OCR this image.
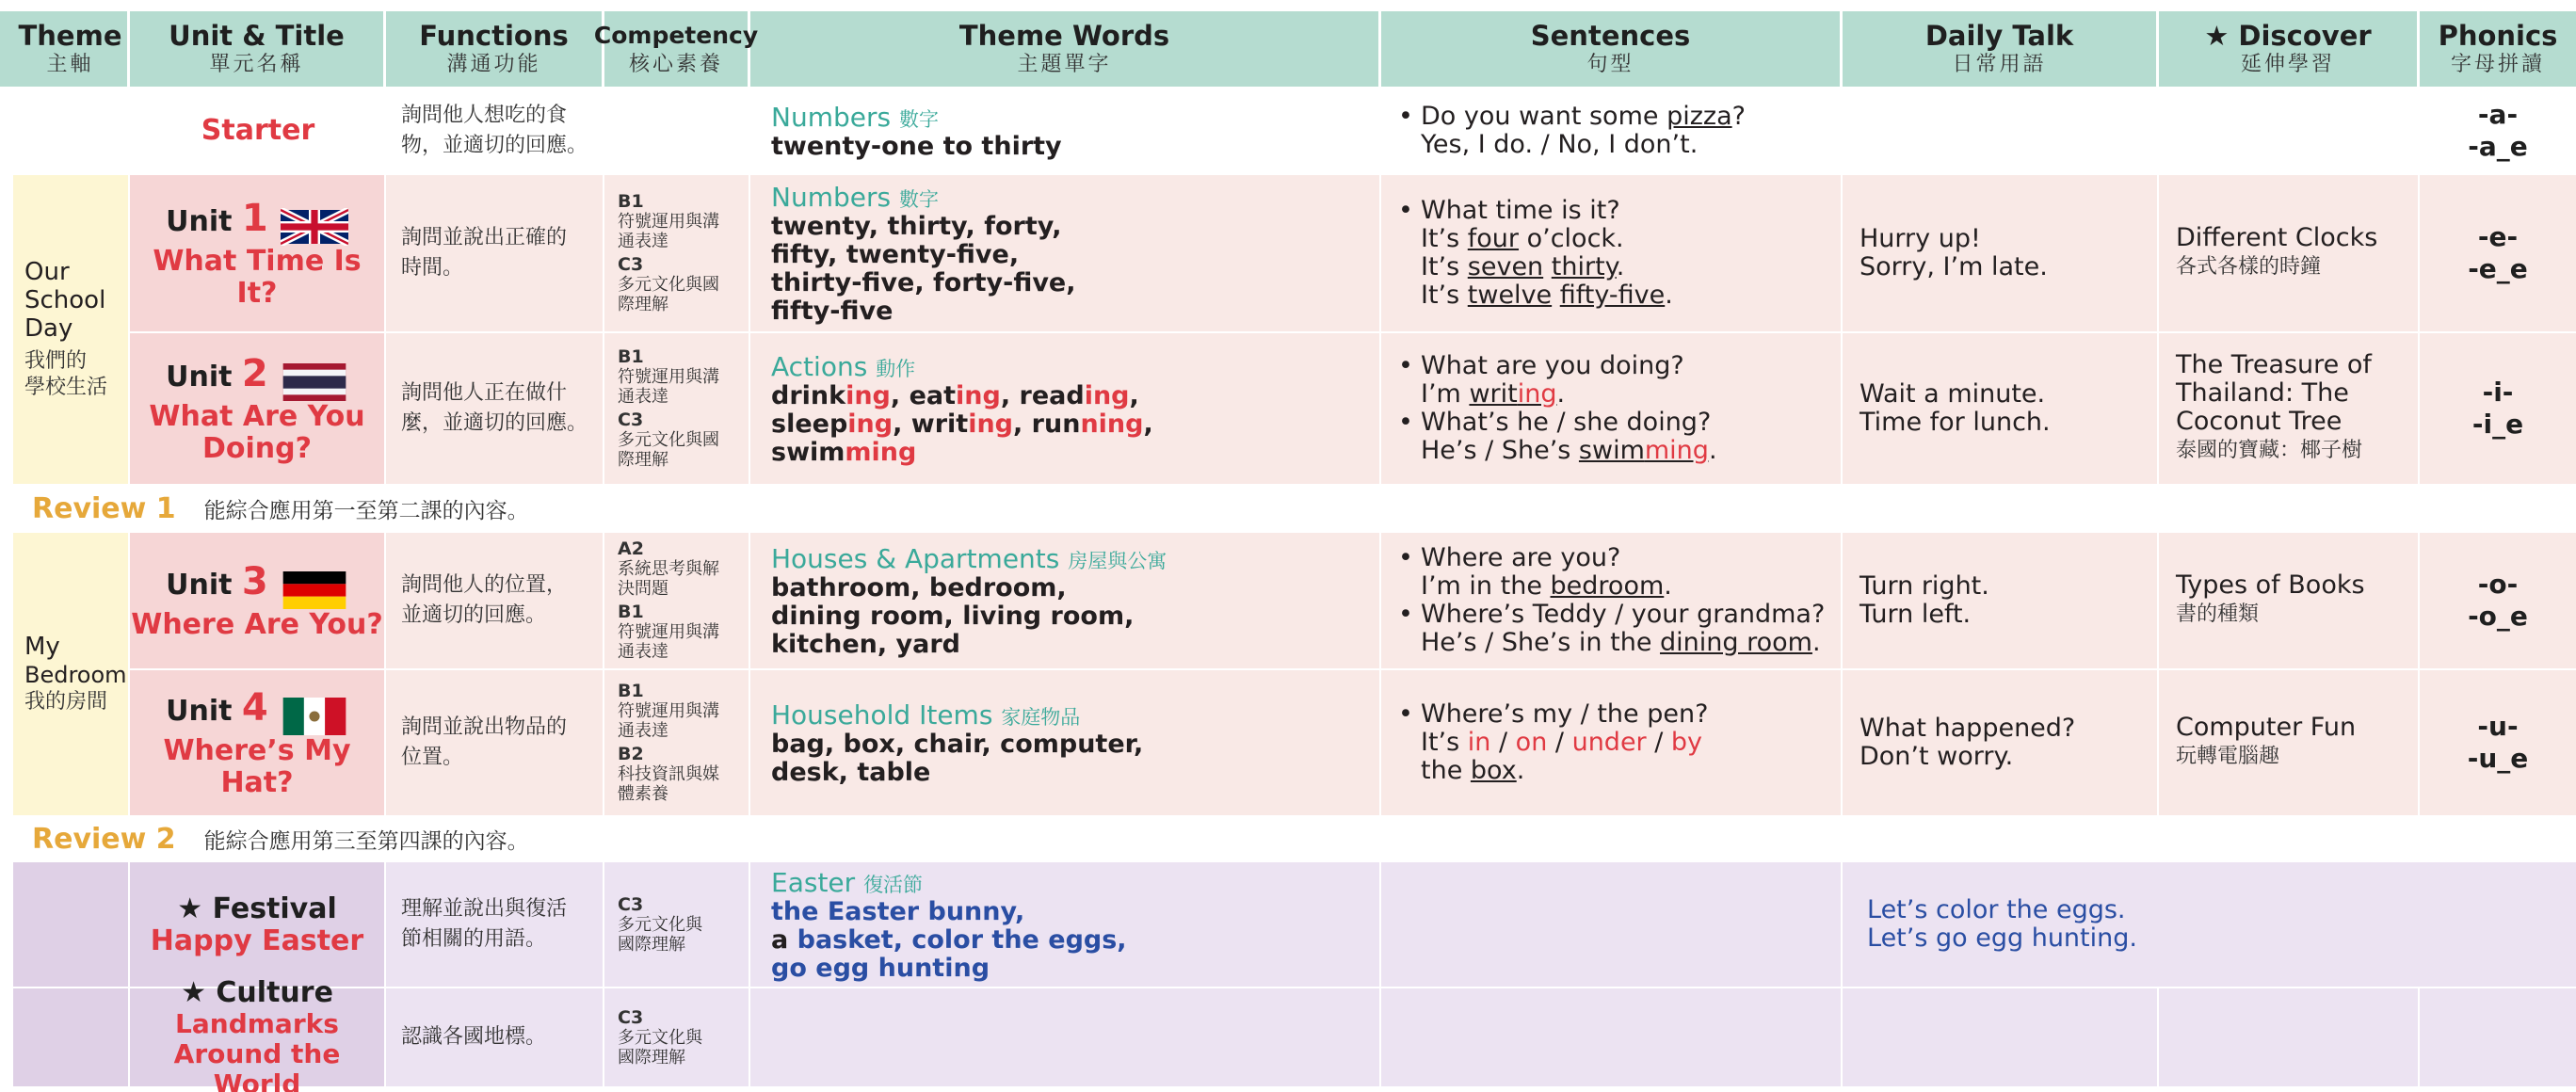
Theme
主軸
Unit & Title
單元名稱
Functions
溝通功能
Competency
核心素養
Theme Words
主題單字
Sentences
句型
Daily Talk
日常用語
★ Discover
延伸學習
Phonics
字母拼讀
Starter	詢問他人想吃的食
物，並適切的回應。
Numbers 數字
twenty-one to thirty
• Do you want some pizza?
Yes, I do. / No, I don’t.
-a-
-a_e
Our
School
Day
我們的
學校生活
Unit 1
What Time Is It?
詢問並說出正確的
時間。
B1
符號運用與溝
通表達
C3
多元文化與國
際理解
Numbers 數字
twenty, thirty, forty,
fifty, twenty-five,
thirty-five, forty-five,
fifty-five
• What time is it?
It’s four o’clock.
It’s seven thirty.
It’s twelve fifty-five.
Hurry up!
Sorry, I’m late.
Different Clocks
各式各樣的時鐘
-e-
-e_e
Unit 2
What Are You
Doing?
詢問他人正在做什
麼，並適切的回應。
B1
符號運用與溝
通表達
C3
多元文化與國
際理解
Actions 動作
drinking, eating, reading,
sleeping, writing, running,
swimming
• What are you doing?
I’m writing.
• What’s he / she doing?
He’s / She’s swimming.
Wait a minute.
Time for lunch.
The Treasure of
Thailand: The
Coconut Tree
泰國的寶藏：椰子樹
-i-
-i_e
Review 1 能綜合應用第一至第二課的內容。
My
Bedroom
我的房間
Unit 3
Where Are You?
詢問他人的位置，
並適切的回應。
A2
系統思考與解
決問題
B1
符號運用與溝
通表達
Houses & Apartments 房屋與公寓
bathroom, bedroom,
dining room, living room,
kitchen, yard
• Where are you?
I’m in the bedroom.
• Where’s Teddy / your grandma?
He’s / She’s in the dining room.
Turn right.
Turn left.
Types of Books
書的種類
-o-
-o_e
Unit 4
Where’s My
Hat?
詢問並說出物品的
位置。
B1
符號運用與溝
通表達
B2
科技資訊與媒
體素養
Household Items 家庭物品
bag, box, chair, computer,
desk, table
• Where’s my / the pen?
It’s in / on / under / by
the box.
What happened?
Don’t worry.
Computer Fun
玩轉電腦趣
-u-
-u_e
Review 2 能綜合應用第三至第四課的內容。
★ Festival
Happy Easter
理解並說出與復活
節相關的用語。
C3
多元文化與
國際理解
Easter 復活節
the Easter bunny,
a basket, color the eggs,
go egg hunting
Let’s color the eggs.
Let’s go egg hunting.
★ Culture
Landmarks
Around the World
認識各國地標。
C3
多元文化與
國際理解
